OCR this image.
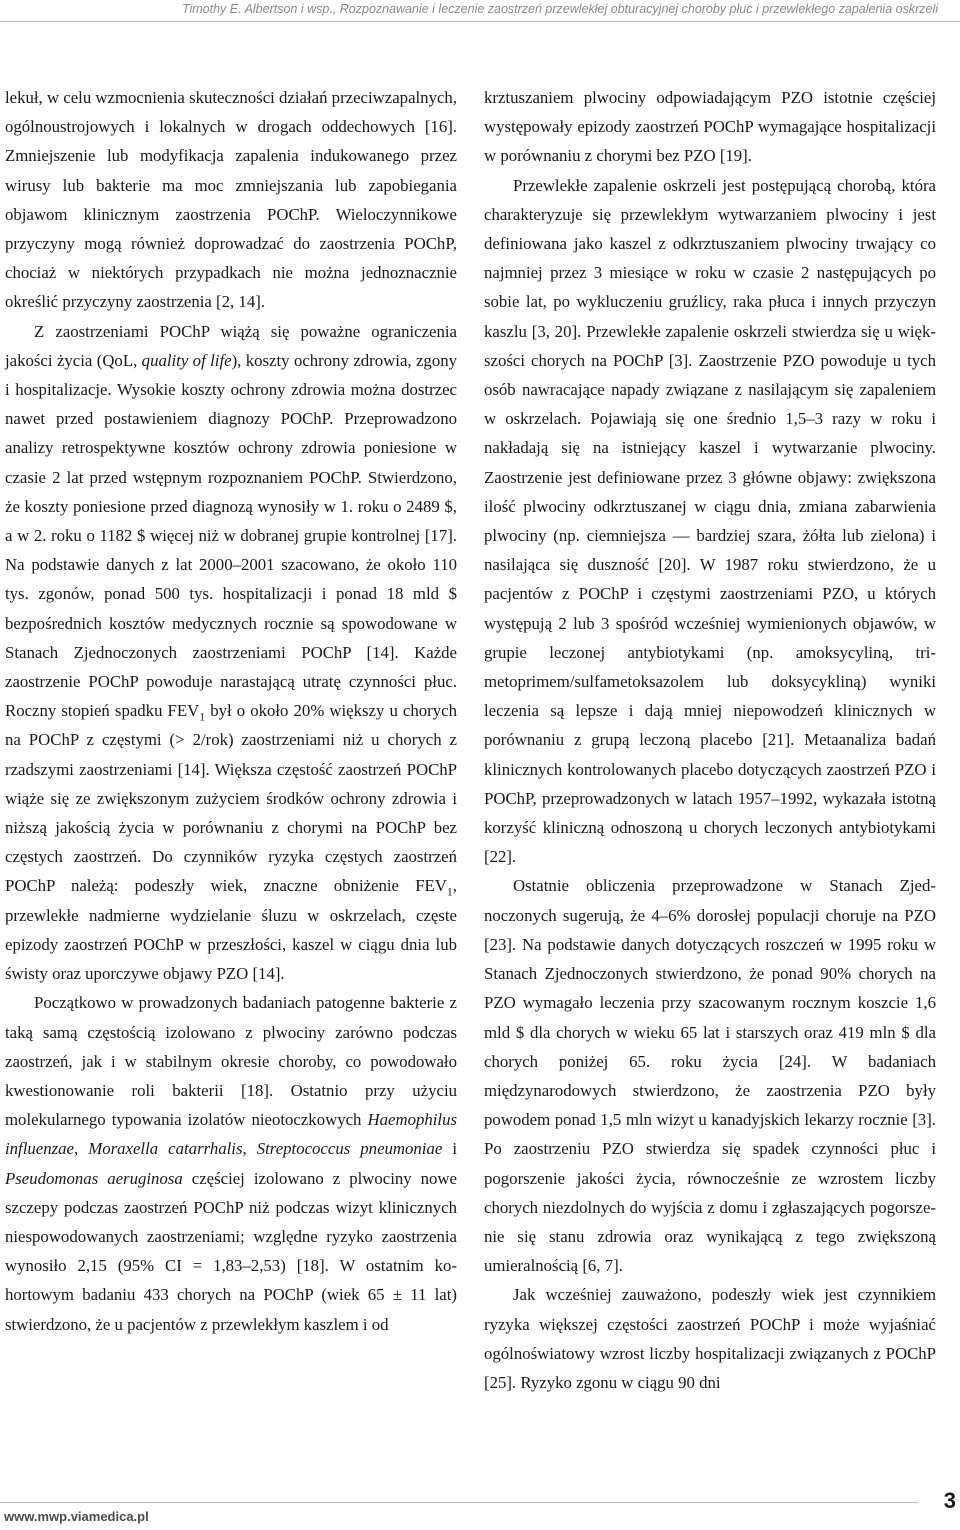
Timothy E. Albertson i wsp., Rozpoznawanie i leczenie zaostrzeń przewlekłej obturacyjnej choroby płuc i przewlekłego zapalenia oskrzeli

lekuł, w celu wzmocnienia skuteczności działań przeciwzapalnych, ogólnoustrojowych i lokalnych w drogach oddechowych [16]. Zmniejszenie lub modyfikacja zapalenia indukowanego przez wirusy lub bakterie ma moc zmniejszania lub zapobiegania objawom klinicznym zaostrzenia POChP. Wieloczynnikowe przyczyny mogą również doprowadzać do zaostrzenia POChP, chociaż w niektórych przypadkach nie można jednoznacznie określić przyczyny zaostrzenia [2, 14].

Z zaostrzeniami POChP wiążą się poważne ograniczenia jakości życia (QoL, quality of life), koszty ochrony zdrowia, zgony i hospitalizacje. Wysokie koszty ochrony zdrowia można dostrzec nawet przed postawieniem diagnozy POChP. Przeprowadzono analizy retrospektywne kosztów ochrony zdrowia poniesione w czasie 2 lat przed wstępnym rozpoznaniem POChP. Stwierdzono, że koszty poniesione przed diagnozą wynosiły w 1. roku o 2489 $, a w 2. roku o 1182 $ więcej niż w dobranej grupie kontrolnej [17]. Na podstawie danych z lat 2000–2001 szacowano, że około 110 tys. zgonów, ponad 500 tys. hospitalizacji i ponad 18 mld $ bezpośrednich kosztów medycznych rocznie są spowodowane w Stanach Zjednoczonych zaostrzeniami POChP [14]. Każde zaostrzenie POChP powoduje narastającą utratę czynności płuc. Roczny stopień spadku $FEV_1$ był o około 20% większy u chorych na POChP z częstymi (> 2/rok) zaostrzeniami niż u chorych z rzadszymi zaostrzeniami [14]. Większa częstość zaostrzeń POChP wiąże się ze zwiększonym zużyciem środków ochrony zdrowia i niższą jakością życia w porównaniu z chorymi na POChP bez częstych zaostrzeń. Do czynników ryzyka częstych zaostrzeń POChP należą: podeszły wiek, znaczne obniżenie $FEV_1$, przewlekłe nadmierne wydzielanie śluzu w oskrzelach, częste epizody zaostrzeń POChP w przeszłości, kaszel w ciągu dnia lub świsty oraz uporczywe objawy PZO [14].

Początkowo w prowadzonych badaniach patogenne bakterie z taką samą częstością izolowano z plwociny zarówno podczas zaostrzeń, jak i w stabilnym okresie choroby, co powodowało kwestionowanie roli bakterii [18]. Ostatnio przy użyciu molekularnego typowania izolatów nieotoczkowych Haemophilus influenzae, Moraxella catarrhalis, Streptococcus pneumoniae i Pseudomonas aeruginosa częściej izolowano z plwociny nowe szczepy podczas zaostrzeń POChP niż podczas wizyt klinicznych niespowodowanych zaostrzeniami; względne ryzyko zaostrzenia wynosiło 2,15 (95% CI = 1,83–2,53) [18]. W ostatnim kohortowym badaniu 433 chorych na POChP (wiek 65 ± 11 lat) stwierdzono, że u pacjentów z przewlekłym kaszlem i od

krztuszaniem plwociny odpowiadającym PZO istotnie częściej występowały epizody zaostrzeń POChP wymagające hospitalizacji w porównaniu z chorymi bez PZO [19].

Przewlekłe zapalenie oskrzeli jest postępującą chorobą, która charakteryzuje się przewlekłym wytwarzaniem plwociny i jest definiowana jako kaszel z odkrztuszaniem plwociny trwający co najmniej przez 3 miesiące w roku w czasie 2 następujących po sobie lat, po wykluczeniu gruźlicy, raka płuca i innych przyczyn kaszlu [3, 20]. Przewlekłe zapalenie oskrzeli stwierdza się u większości chorych na POChP [3]. Zaostrzenie PZO powoduje u tych osób nawracające napady związane z nasilającym się zapaleniem w oskrzelach. Pojawiają się one średnio 1,5–3 razy w roku i nakładają się na istniejący kaszel i wytwarzanie plwociny. Zaostrzenie jest definiowane przez 3 główne objawy: zwiększona ilość plwociny odkrztuszanej w ciągu dnia, zmiana zabarwienia plwociny (np. ciemniejsza — bardziej szara, żółta lub zielona) i nasilająca się duszność [20]. W 1987 roku stwierdzono, że u pacjentów z POChP i częstymi zaostrzeniami PZO, u których występują 2 lub 3 spośród wcześniej wymienionych objawów, w grupie leczonej antybiotykami (np. amoksycyliną, trimetoprimem/sulfametoksazolem lub doksycykliną) wyniki leczenia są lepsze i dają mniej niepowodzeń klinicznych w porównaniu z grupą leczoną placebo [21]. Metaanaliza badań klinicznych kontrolowanych placebo dotyczących zaostrzeń PZO i POChP, przeprowadzonych w latach 1957–1992, wykazała istotną korzyść kliniczną odnoszoną u chorych leczonych antybiotykami [22].

Ostatnie obliczenia przeprowadzone w Stanach Zjednoczonych sugerują, że 4–6% dorosłej populacji choruje na PZO [23]. Na podstawie danych dotyczących roszczeń w 1995 roku w Stanach Zjednoczonych stwierdzono, że ponad 90% chorych na PZO wymagało leczenia przy szacowanym rocznym koszcie 1,6 mld $ dla chorych w wieku 65 lat i starszych oraz 419 mln $ dla chorych poniżej 65. roku życia [24]. W badaniach międzynarodowych stwierdzono, że zaostrzenia PZO były powodem ponad 1,5 mln wizyt u kanadyjskich lekarzy rocznie [3]. Po zaostrzeniu PZO stwierdza się spadek czynności płuc i pogorszenie jakości życia, równocześnie ze wzrostem liczby chorych niezdolnych do wyjścia z domu i zgłaszających pogorszenie się stanu zdrowia oraz wynikającą z tego zwiększoną umieralnością [6, 7].

Jak wcześniej zauważono, podeszły wiek jest czynnikiem ryzyka większej częstości zaostrzeń POChP i może wyjaśniać ogólnoświatowy wzrost liczby hospitalizacji związanych z POChP [25]. Ryzyko zgonu w ciągu 90 dni

www.mwp.viamedica.pl
3
